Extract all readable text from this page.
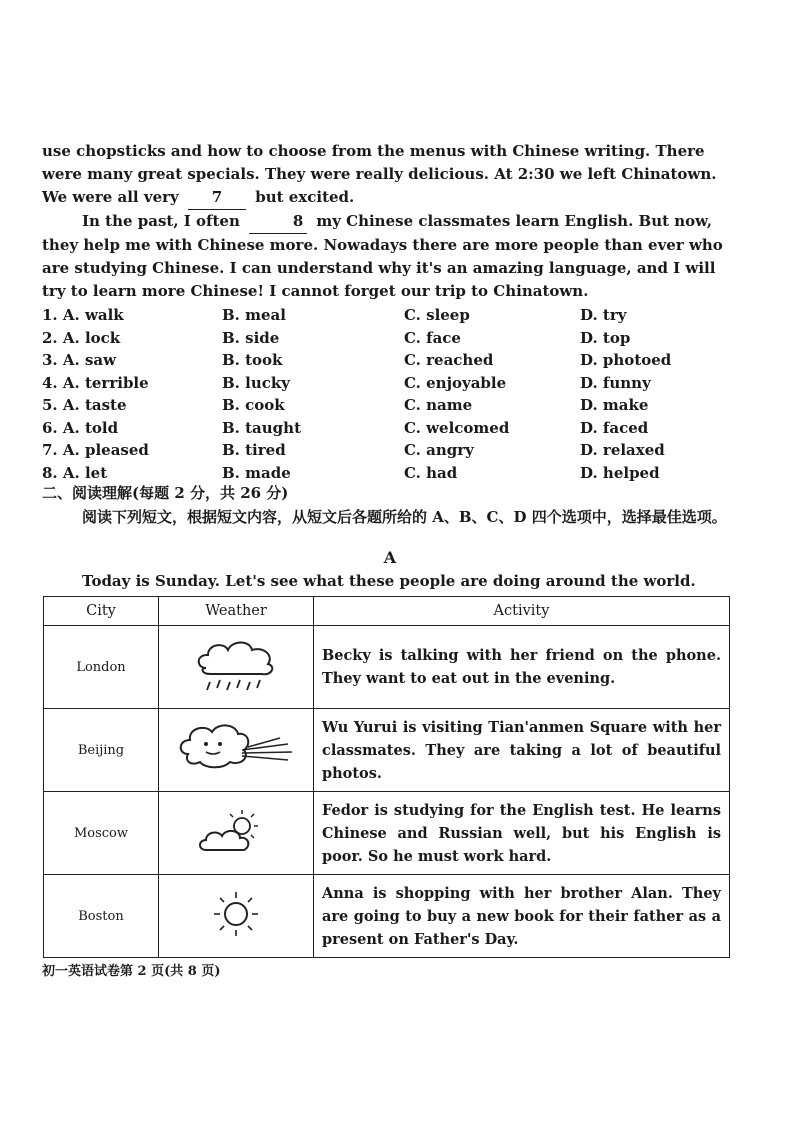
use chopsticks and how to choose from the menus with Chinese writing. There were many great specials. They were really delicious. At 2:30 we left Chinatown.

We were all very 7 but excited.

In the past, I often	8 my Chinese classmates learn English. But now, they help me with Chinese more. Nowadays there are more people than ever who are studying Chinese. I can understand why it's an amazing language, and I will try to learn more Chinese! I cannot forget our trip to Chinatown.

1. A. walk	B. meal	C. sleep	D. try
2. A. lock	B. side	C. face	D. top
3. A. saw	B. took	C. reached	D. photoed
4. A. terrible	B. lucky	C. enjoyable	D. funny
5. A. taste	B. cook	C. name	D. make
6. A. told	B. taught	C. welcomed	D. faced
7. A. pleased	B. tired	C. angry	D. relaxed
8. A. let	B. made	C. had	D. helped
二、阅读理解(每题 2 分，共 26 分)
阅读下列短文，根据短文内容，从短文后各题所给的 A、B、C、D 四个选项中，选择最佳选项。
A
Today is Sunday. Let's see what these people are doing around the world.
City	Weather	Activity
London		Becky is talking with her friend on the phone. They want to eat out in the evening.
Beijing		Wu Yurui is visiting Tian'anmen Square with her classmates. They are taking a lot of beautiful photos.
Moscow		Fedor is studying for the English test. He learns Chinese and Russian well, but his English is poor. So he must work hard.
Boston		Anna is shopping with her brother Alan. They are going to buy a new book for their father as a present on Father's Day.
初一英语试卷第 2 页(共 8 页)
